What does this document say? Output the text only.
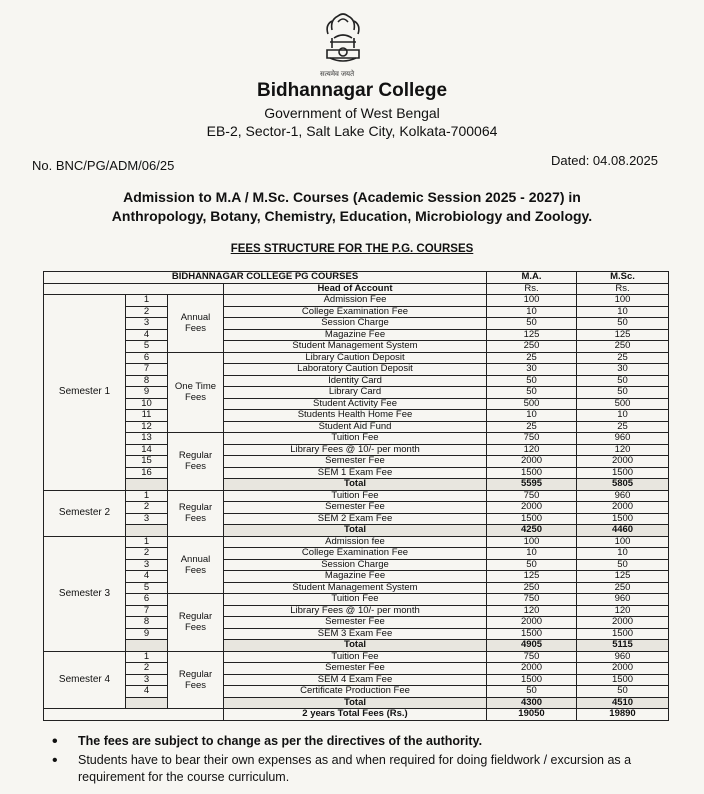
सत्यमेव जयते
Bidhannagar College
Government of West Bengal
EB-2, Sector-1, Salt Lake City, Kolkata-700064
No. BNC/PG/ADM/06/25	Dated: 04.08.2025
Admission to M.A / M.Sc. Courses (Academic Session 2025 - 2027) in
Anthropology, Botany, Chemistry, Education, Microbiology and Zoology.
FEES STRUCTURE FOR THE P.G. COURSES
BIDHANNAGAR COLLEGE PG COURSES				M.A.	M.Sc.
			Head of Account	Rs.	Rs.
Semester 1	1	Annual Fees	Admission Fee	100	100
	2		College Examination Fee	10	10
	3		Session Charge	50	50
	4		Magazine Fee	125	125
	5		Student Management System	250	250
	6	One Time Fees	Library Caution Deposit	25	25
	7		Laboratory Caution Deposit	30	30
	8		Identity Card	50	50
	9		Library Card	50	50
	10		Student Activity Fee	500	500
	11		Students Health Home Fee	10	10
	12		Student Aid Fund	25	25
	13	Regular Fees	Tuition Fee	750	960
	14		Library Fees @ 10/- per month	120	120
	15		Semester Fee	2000	2000
	16		SEM 1 Exam Fee	1500	1500
			Total	5595	5805
Semester 2	1	Regular Fees	Tuition Fee	750	960
	2		Semester Fee	2000	2000
	3		SEM 2 Exam Fee	1500	1500
			Total	4250	4460
Semester 3	1	Annual Fees	Admission fee	100	100
	2		College Examination Fee	10	10
	3		Session Charge	50	50
	4		Magazine Fee	125	125
	5		Student Management System	250	250
	6	Regular Fees	Tuition Fee	750	960
	7		Library Fees @ 10/- per month	120	120
	8		Semester Fee	2000	2000
	9		SEM 3 Exam Fee	1500	1500
			Total	4905	5115
Semester 4	1	Regular Fees	Tuition Fee	750	960
	2		Semester Fee	2000	2000
	3		SEM 4 Exam Fee	1500	1500
	4		Certificate Production Fee	50	50
			Total	4300	4510
			2 years Total Fees (Rs.)	19050	19890
• The fees are subject to change as per the directives of the authority.
• Students have to bear their own expenses as and when required for doing fieldwork / excursion as a requirement for the course curriculum.
